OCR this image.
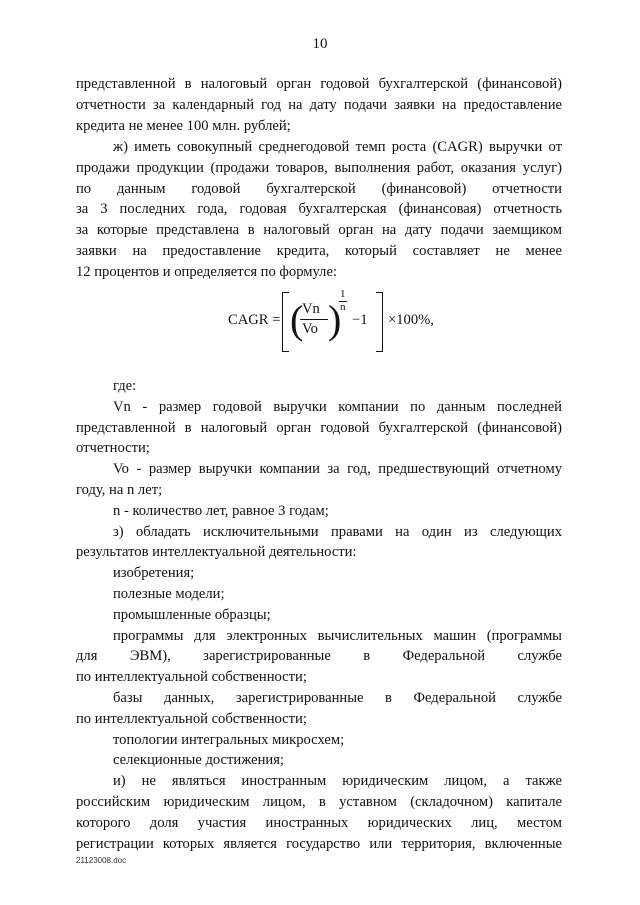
10
представленной в налоговый орган годовой бухгалтерской (финансовой)
отчетности за календарный год на дату подачи заявки на предоставление
кредита не менее 100 млн. рублей;
ж) иметь совокупный среднегодовой темп роста (CAGR) выручки от
продажи продукции (продажи товаров, выполнения работ, оказания услуг)
по данным годовой бухгалтерской (финансовой) отчетности
за 3 последних года, годовая бухгалтерская (финансовая) отчетность
за которые представлена в налоговый орган на дату подачи заемщиком
заявки на предоставление кредита, который составляет не менее
12 процентов и определяется по формуле:
CAGR = (
Vn
Vo )
1
n
−1 ×100%,
где:
Vn - размер годовой выручки компании по данным последней
представленной в налоговый орган годовой бухгалтерской (финансовой)
отчетности;
Vo - размер выручки компании за год, предшествующий отчетному
году, на n лет;
n - количество лет, равное 3 годам;
з) обладать исключительными правами на один из следующих
результатов интеллектуальной деятельности:
изобретения;
полезные модели;
промышленные образцы;
программы для электронных вычислительных машин (программы
для ЭВМ), зарегистрированные в Федеральной службе
по интеллектуальной собственности;
базы данных, зарегистрированные в Федеральной службе
по интеллектуальной собственности;
топологии интегральных микросхем;
селекционные достижения;
и) не являться иностранным юридическим лицом, а также
российским юридическим лицом, в уставном (складочном) капитале
которого доля участия иностранных юридических лиц, местом
регистрации которых является государство или территория, включенные
21123008.doc
